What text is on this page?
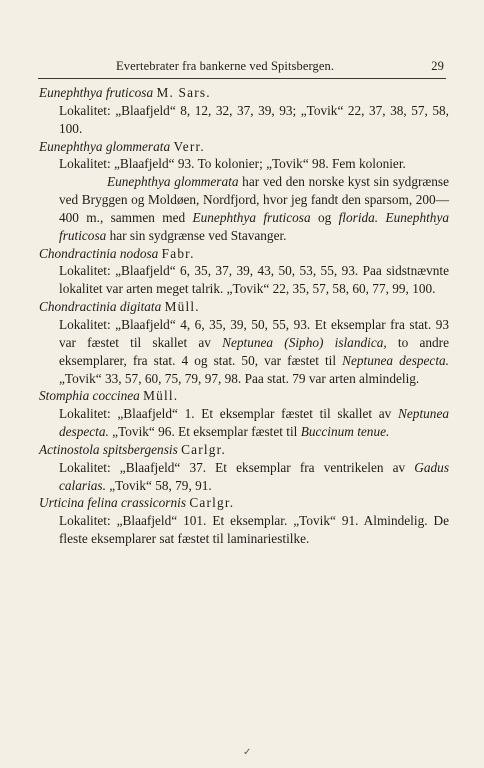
Evertebrater fra bankerne ved Spitsbergen.	29

Eunephthya fruticosa M. Sars.

Lokalitet: „Blaafjeld“ 8, 12, 32, 37, 39, 93; „Tovik“ 22, 37, 38, 57, 58, 100.

Eunephthya glommerata Verr.

Lokalitet: „Blaafjeld“ 93. To kolonier; „Tovik“ 98. Fem kolonier.

Eunephthya glommerata har ved den norske kyst sin sydgrænse ved Bryggen og Moldøen, Nordfjord, hvor jeg fandt den sparsom, 200—400 m., sammen med Eunephthya fruticosa og florida. Eunephthya fruticosa har sin sydgrænse ved Stavanger.

Chondractinia nodosa Fabr.

Lokalitet: „Blaafjeld“ 6, 35, 37, 39, 43, 50, 53, 55, 93. Paa sidstnævnte lokalitet var arten meget talrik. „Tovik“ 22, 35, 57, 58, 60, 77, 99, 100.

Chondractinia digitata Müll.

Lokalitet: „Blaafjeld“ 4, 6, 35, 39, 50, 55, 93. Et eksemplar fra stat. 93 var fæstet til skallet av Neptunea (Sipho) islandica, to andre eksemplarer, fra stat. 4 og stat. 50, var fæstet til Neptunea despecta. „Tovik“ 33, 57, 60, 75, 79, 97, 98. Paa stat. 79 var arten almindelig.

Stomphia coccinea Müll.

Lokalitet: „Blaafjeld“ 1. Et eksemplar fæstet til skallet av Neptunea despecta. „Tovik“ 96. Et eksemplar fæstet til Buccinum tenue.

Actinostola spitsbergensis Carlgr.

Lokalitet: „Blaafjeld“ 37. Et eksemplar fra ventrikelen av Gadus calarias. „Tovik“ 58, 79, 91.

Urticina felina crassicornis Carlgr.

Lokalitet: „Blaafjeld“ 101. Et eksemplar. „Tovik“ 91. Almindelig. De fleste eksemplarer sat fæstet til laminariestilke.

✓
